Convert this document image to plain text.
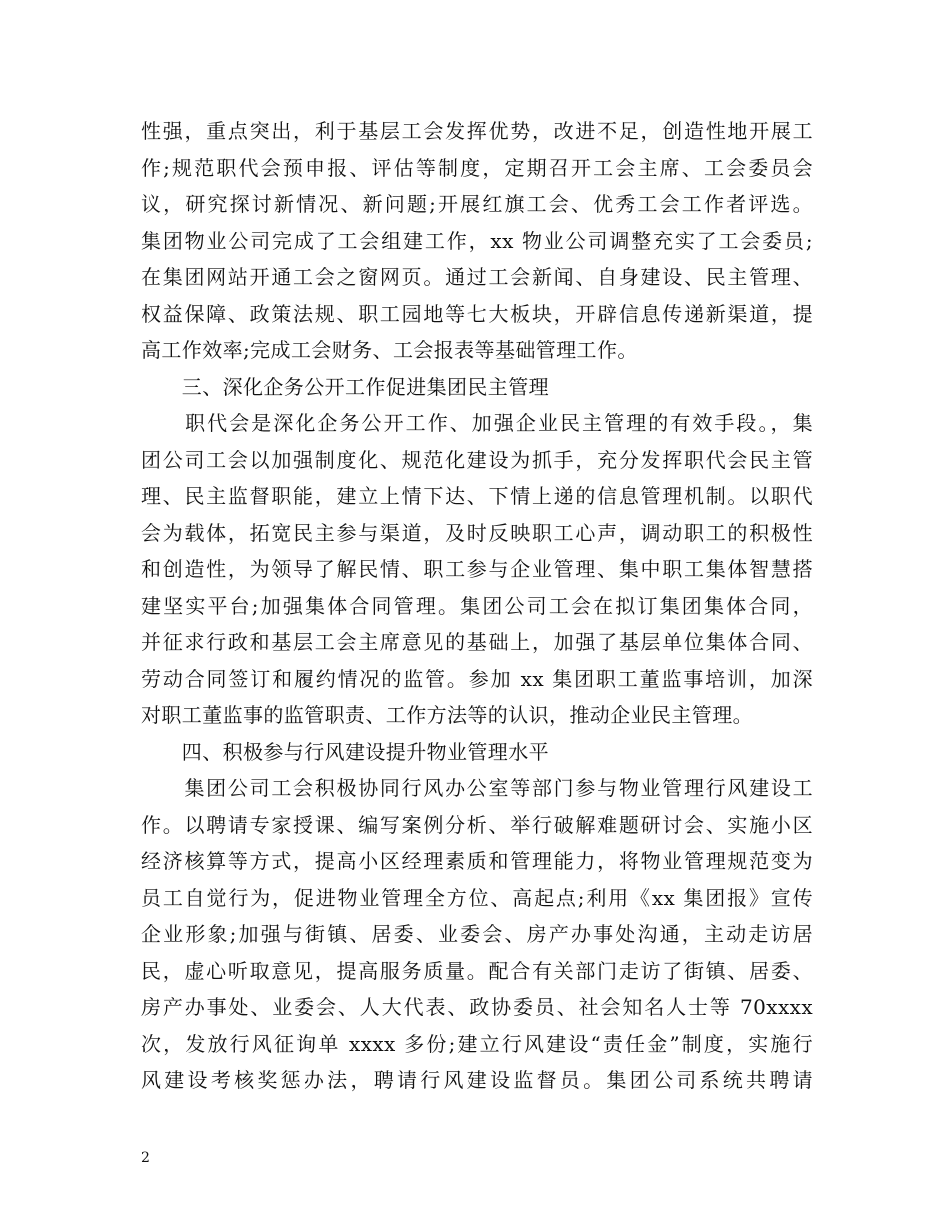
性强，重点突出，利于基层工会发挥优势，改进不足，创造性地开展工
作;规范职代会预申报、评估等制度，定期召开工会主席、工会委员会
议，研究探讨新情况、新问题;开展红旗工会、优秀工会工作者评选。
集团物业公司完成了工会组建工作，xx 物业公司调整充实了工会委员;
在集团网站开通工会之窗网页。通过工会新闻、自身建设、民主管理、
权益保障、政策法规、职工园地等七大板块，开辟信息传递新渠道，提
高工作效率;完成工会财务、工会报表等基础管理工作。
　　三、深化企务公开工作促进集团民主管理
　　职代会是深化企务公开工作、加强企业民主管理的有效手段。，集
团公司工会以加强制度化、规范化建设为抓手，充分发挥职代会民主管
理、民主监督职能，建立上情下达、下情上递的信息管理机制。以职代
会为载体，拓宽民主参与渠道，及时反映职工心声，调动职工的积极性
和创造性，为领导了解民情、职工参与企业管理、集中职工集体智慧搭
建坚实平台;加强集体合同管理。集团公司工会在拟订集团集体合同，
并征求行政和基层工会主席意见的基础上，加强了基层单位集体合同、
劳动合同签订和履约情况的监管。参加 xx 集团职工董监事培训，加深
对职工董监事的监管职责、工作方法等的认识，推动企业民主管理。
　　四、积极参与行风建设提升物业管理水平
　　集团公司工会积极协同行风办公室等部门参与物业管理行风建设工
作。以聘请专家授课、编写案例分析、举行破解难题研讨会、实施小区
经济核算等方式，提高小区经理素质和管理能力，将物业管理规范变为
员工自觉行为，促进物业管理全方位、高起点;利用《xx 集团报》宣传
企业形象;加强与街镇、居委、业委会、房产办事处沟通，主动走访居
民，虚心听取意见，提高服务质量。配合有关部门走访了街镇、居委、
房产办事处、业委会、人大代表、政协委员、社会知名人士等 70xxxx
次，发放行风征询单 xxxx 多份;建立行风建设“责任金”制度，实施行
风建设考核奖惩办法，聘请行风建设监督员。集团公司系统共聘请
2
